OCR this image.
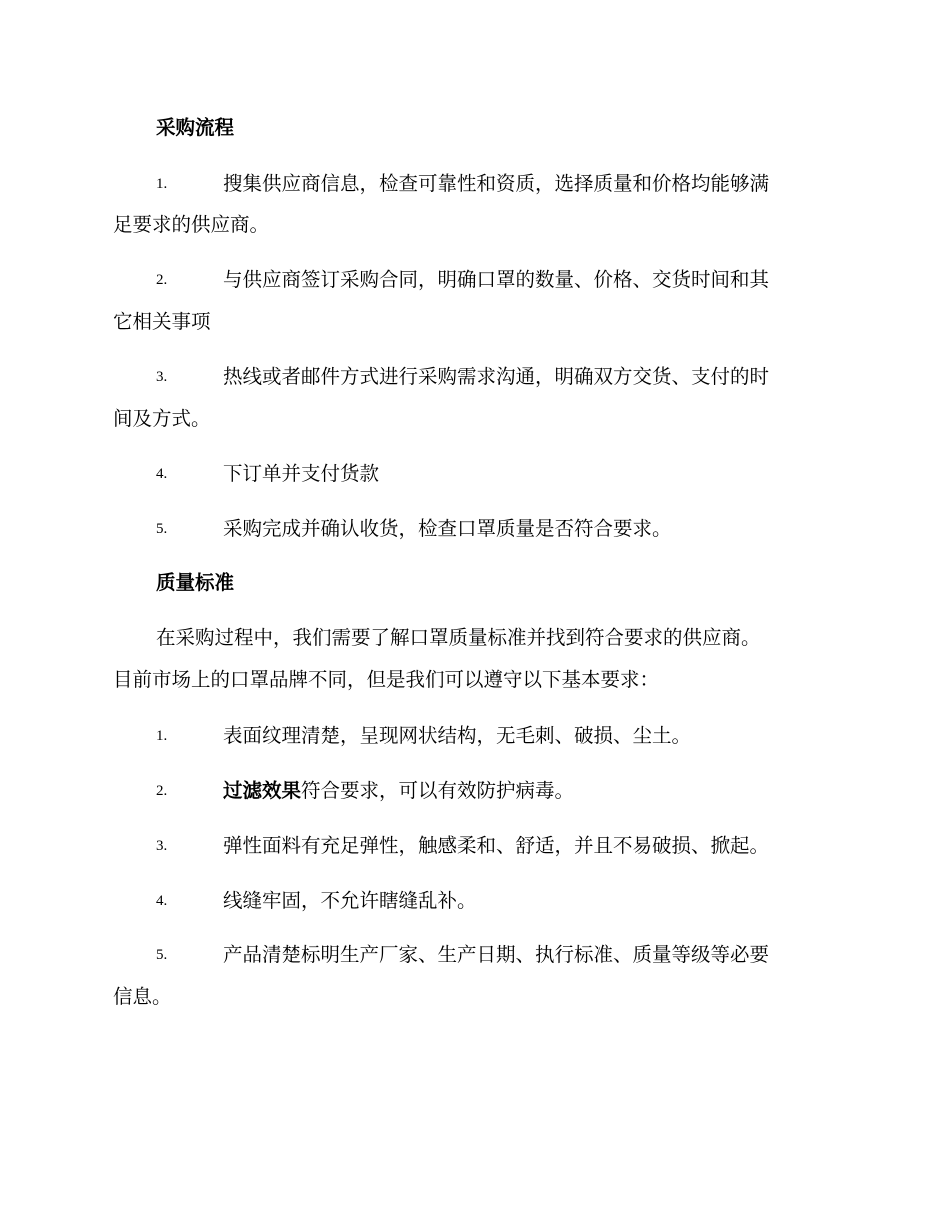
采购流程
1.	搜集供应商信息，检查可靠性和资质，选择质量和价格均能够满
足要求的供应商。
2.	与供应商签订采购合同，明确口罩的数量、价格、交货时间和其
它相关事项
3.	热线或者邮件方式进行采购需求沟通，明确双方交货、支付的时
间及方式。
4.	下订单并支付货款
5.	采购完成并确认收货，检查口罩质量是否符合要求。
质量标准
在采购过程中，我们需要了解口罩质量标准并找到符合要求的供应商。
目前市场上的口罩品牌不同，但是我们可以遵守以下基本要求：
1.	表面纹理清楚，呈现网状结构，无毛刺、破损、尘土。
2.	过滤效果符合要求，可以有效防护病毒。
3.	弹性面料有充足弹性，触感柔和、舒适，并且不易破损、掀起。
4.	线缝牢固，不允许瞎缝乱补。
5.	产品清楚标明生产厂家、生产日期、执行标准、质量等级等必要
信息。
